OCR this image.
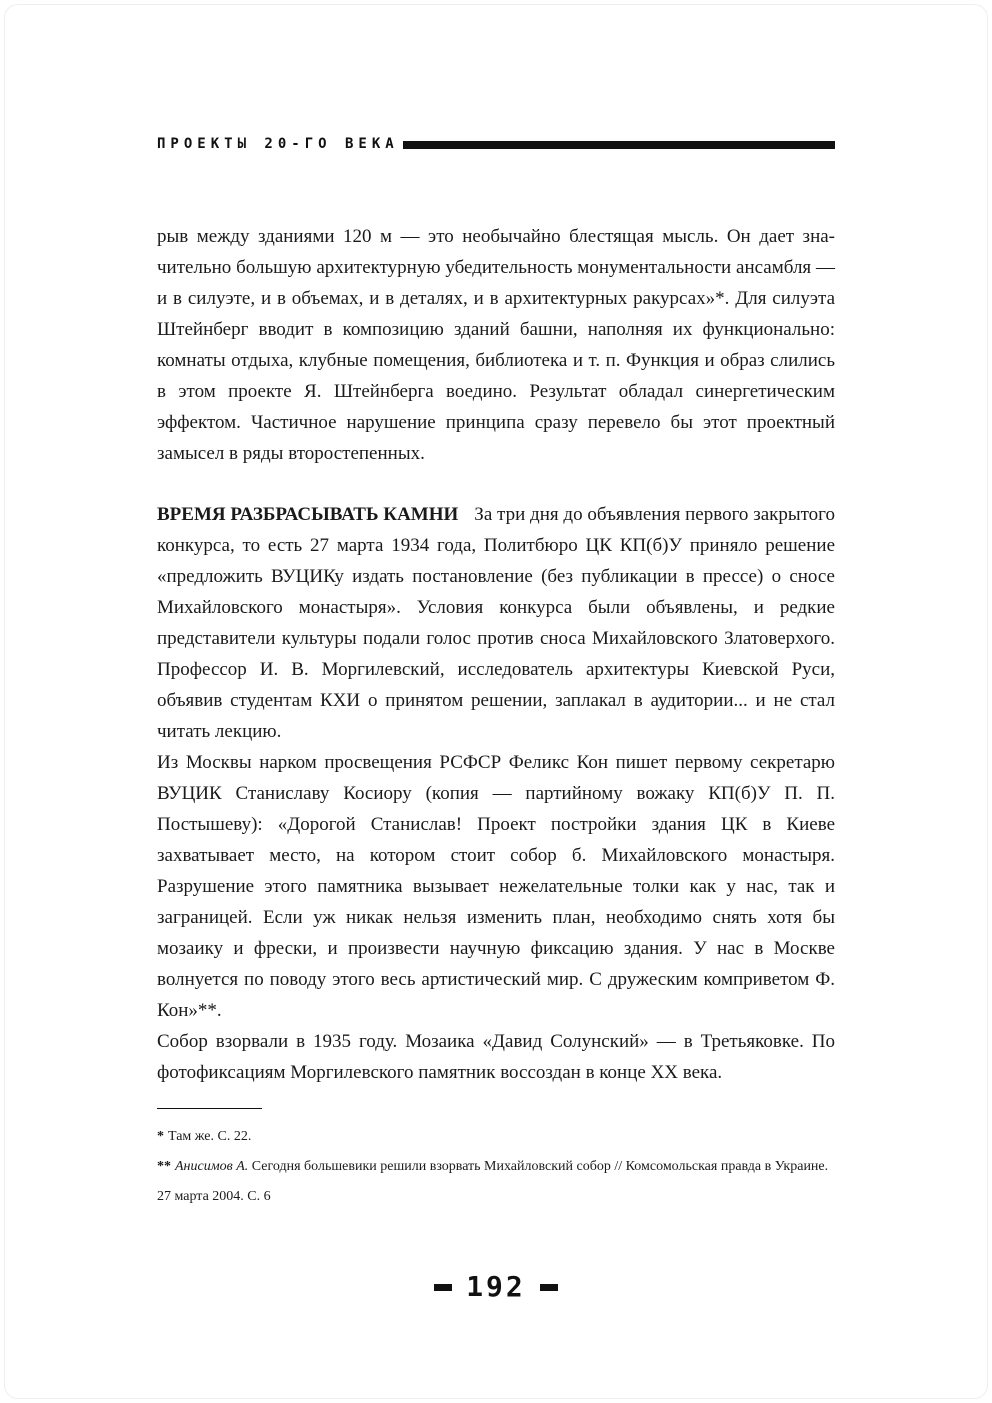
ПРОЕКТЫ 20-ГО ВЕКА

рыв между зданиями 120 м — это необычайно блестящая мысль. Он дает значительно большую архитектурную убедительность монументальности ансамбля — и в силуэте, и в объемах, и в деталях, и в архитектурных ракурсах»*. Для силуэта Штейнберг вводит в композицию зданий башни, наполняя их функционально: комнаты отдыха, клубные помещения, библиотека и т. п. Функция и образ слились в этом проекте Я. Штейнберга воедино. Результат обладал синергетическим эффектом. Частичное нарушение принципа сразу перевело бы этот проектный замысел в ряды второстепенных.

ВРЕМЯ РАЗБРАСЫВАТЬ КАМНИ За три дня до объявления первого закрытого конкурса, то есть 27 марта 1934 года, Политбюро ЦК КП(б)У приняло решение «предложить ВУЦИКу издать постановление (без публикации в прессе) о сносе Михайловского монастыря». Условия конкурса были объявлены, и редкие представители культуры подали голос против сноса Михайловского Златоверхого. Профессор И. В. Моргилевский, исследователь архитектуры Киевской Руси, объявив студентам КХИ о принятом решении, заплакал в аудитории... и не стал читать лекцию.

Из Москвы нарком просвещения РСФСР Феликс Кон пишет первому секретарю ВУЦИК Станиславу Косиору (копия — партийному вожаку КП(б)У П. П. Постышеву): «Дорогой Станислав! Проект постройки здания ЦК в Киеве захватывает место, на котором стоит собор б. Михайловского монастыря. Разрушение этого памятника вызывает нежелательные толки как у нас, так и заграницей. Если уж никак нельзя изменить план, необходимо снять хотя бы мозаику и фрески, и произвести научную фиксацию здания. У нас в Москве волнуется по поводу этого весь артистический мир. С дружеским комприветом Ф. Кон»**.

Собор взорвали в 1935 году. Мозаика «Давид Солунский» — в Третьяковке. По фотофиксациям Моргилевского памятник воссоздан в конце XX века.

* Там же. С. 22.

** Анисимов А. Сегодня большевики решили взорвать Михайловский собор // Комсомольская правда в Украине. 27 марта 2004. С. 6

192
